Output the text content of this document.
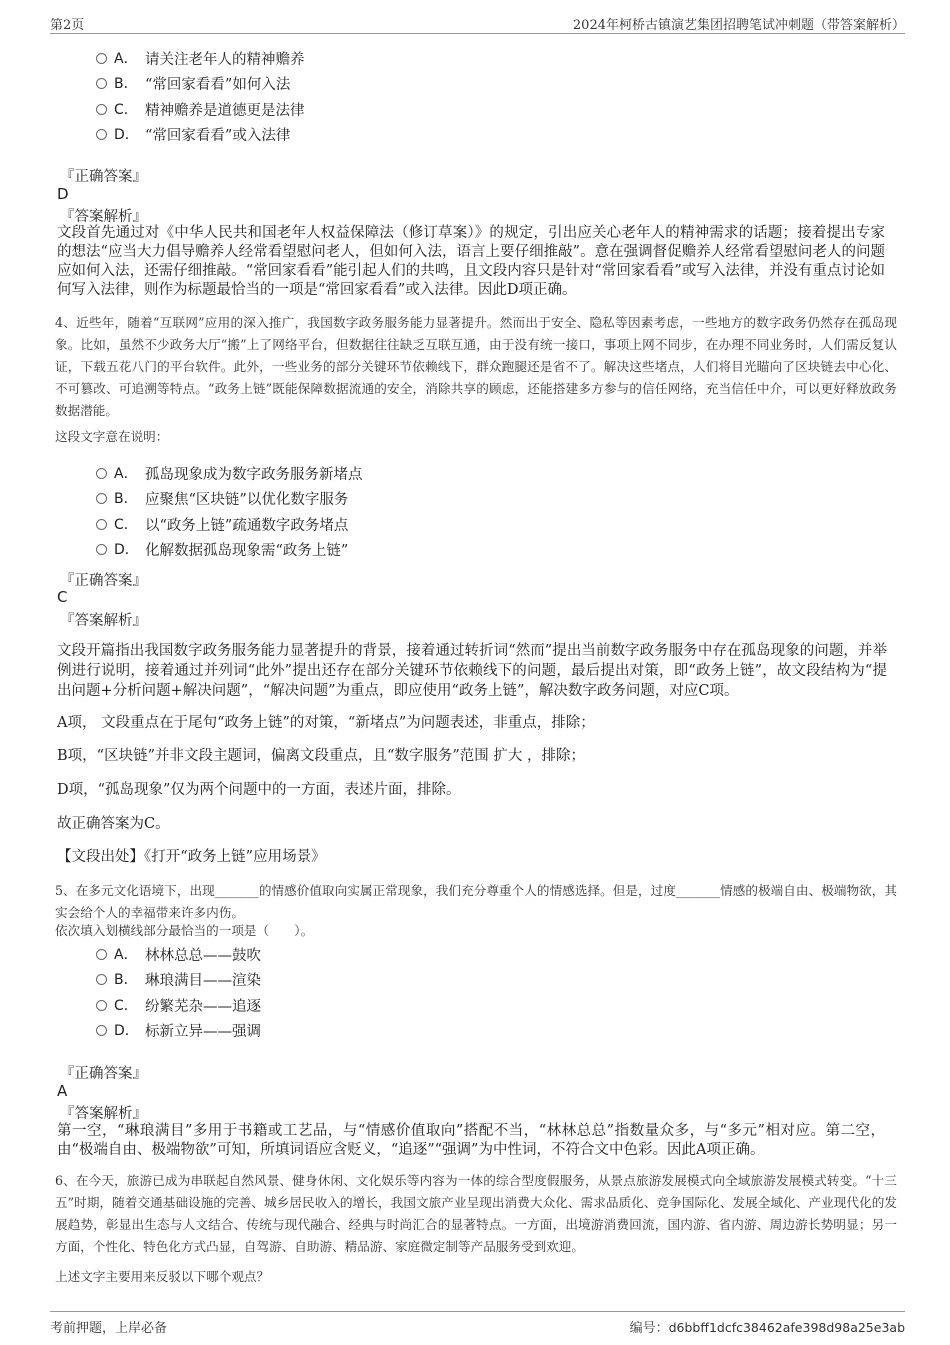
第2页	2024年柯桥古镇演艺集团招聘笔试冲刺题（带答案解析）
A． 请关注老年人的精神赡养
B． “常回家看看”如何入法
C． 精神赡养是道德更是法律
D． “常回家看看”或入法律
『正确答案』
D
『答案解析』
文段首先通过对《中华人民共和国老年人权益保障法（修订草案）》的规定，引出应关心老年人的精神需求的话题；接着提出专家的想法“应当大力倡导赡养人经常看望慰问老人，但如何入法，语言上要仔细推敲”。意在强调督促赡养人经常看望慰问老人的问题应如何入法，还需仔细推敲。“常回家看看”能引起人们的共鸣，且文段内容只是针对“常回家看看”或写入法律，并没有重点讨论如何写入法律，则作为标题最恰当的一项是“常回家看看”或入法律。因此D项正确。
4、近些年，随着“互联网”应用的深入推广，我国数字政务服务能力显著提升。然而出于安全、隐私等因素考虑，一些地方的数字政务仍然存在孤岛现象。比如，虽然不少政务大厅“搬”上了网络平台，但数据往往缺乏互联互通，由于没有统一接口，事项上网不同步，在办理不同业务时，人们需反复认证，下载五花八门的平台软件。此外，一些业务的部分关键环节依赖线下，群众跑腿还是省不了。解决这些堵点，人们将目光瞄向了区块链去中心化、不可篡改、可追溯等特点。“政务上链”既能保障数据流通的安全，消除共享的顾虑，还能搭建多方参与的信任网络，充当信任中介，可以更好释放政务数据潜能。
这段文字意在说明：
A． 孤岛现象成为数字政务服务新堵点
B． 应聚焦“区块链”以优化数字服务
C． 以“政务上链”疏通数字政务堵点
D． 化解数据孤岛现象需“政务上链”
『正确答案』
C
『答案解析』
文段开篇指出我国数字政务服务能力显著提升的背景，接着通过转折词“然而”提出当前数字政务服务中存在孤岛现象的问题，并举例进行说明，接着通过并列词“此外”提出还存在部分关键环节依赖线下的问题，最后提出对策，即“政务上链”，故文段结构为“提出问题+分析问题+解决问题”，“解决问题”为重点，即应使用“政务上链”，解决数字政务问题，对应C项。
A项， 文段重点在于尾句“政务上链”的对策，“新堵点”为问题表述，非重点，排除；
B项，“区块链”并非文段主题词，偏离文段重点，且“数字服务”范围 扩大 ，排除；
D项，“孤岛现象”仅为两个问题中的一方面，表述片面，排除。
故正确答案为C。
【文段出处】《打开“政务上链”应用场景》
5、在多元文化语境下，出现_______的情感价值取向实属正常现象，我们充分尊重个人的情感选择。但是，过度_______情感的极端自由、极端物欲，其实会给个人的幸福带来许多内伤。
依次填入划横线部分最恰当的一项是（　　）。
A． 林林总总——鼓吹
B． 琳琅满目——渲染
C． 纷繁芜杂——追逐
D． 标新立异——强调
『正确答案』
A
『答案解析』
第一空，“琳琅满目”多用于书籍或工艺品，与“情感价值取向”搭配不当，“林林总总”指数量众多，与“多元”相对应。第二空，由“极端自由、极端物欲”可知，所填词语应含贬义，“追逐”“强调”为中性词，不符合文中色彩。因此A项正确。
6、在今天，旅游已成为串联起自然风景、健身休闲、文化娱乐等内容为一体的综合型度假服务，从景点旅游发展模式向全域旅游发展模式转变。“十三五”时期，随着交通基础设施的完善、城乡居民收入的增长，我国文旅产业呈现出消费大众化、需求品质化、竞争国际化、发展全域化、产业现代化的发展趋势，彰显出生态与人文结合、传统与现代融合、经典与时尚汇合的显著特点。一方面，出境游消费回流，国内游、省内游、周边游长势明显；另一方面，个性化、特色化方式凸显，自驾游、自助游、精品游、家庭微定制等产品服务受到欢迎。
上述文字主要用来反驳以下哪个观点？
考前押题，上岸必备	编号：d6bbff1dcfc38462afe398d98a25e3ab
